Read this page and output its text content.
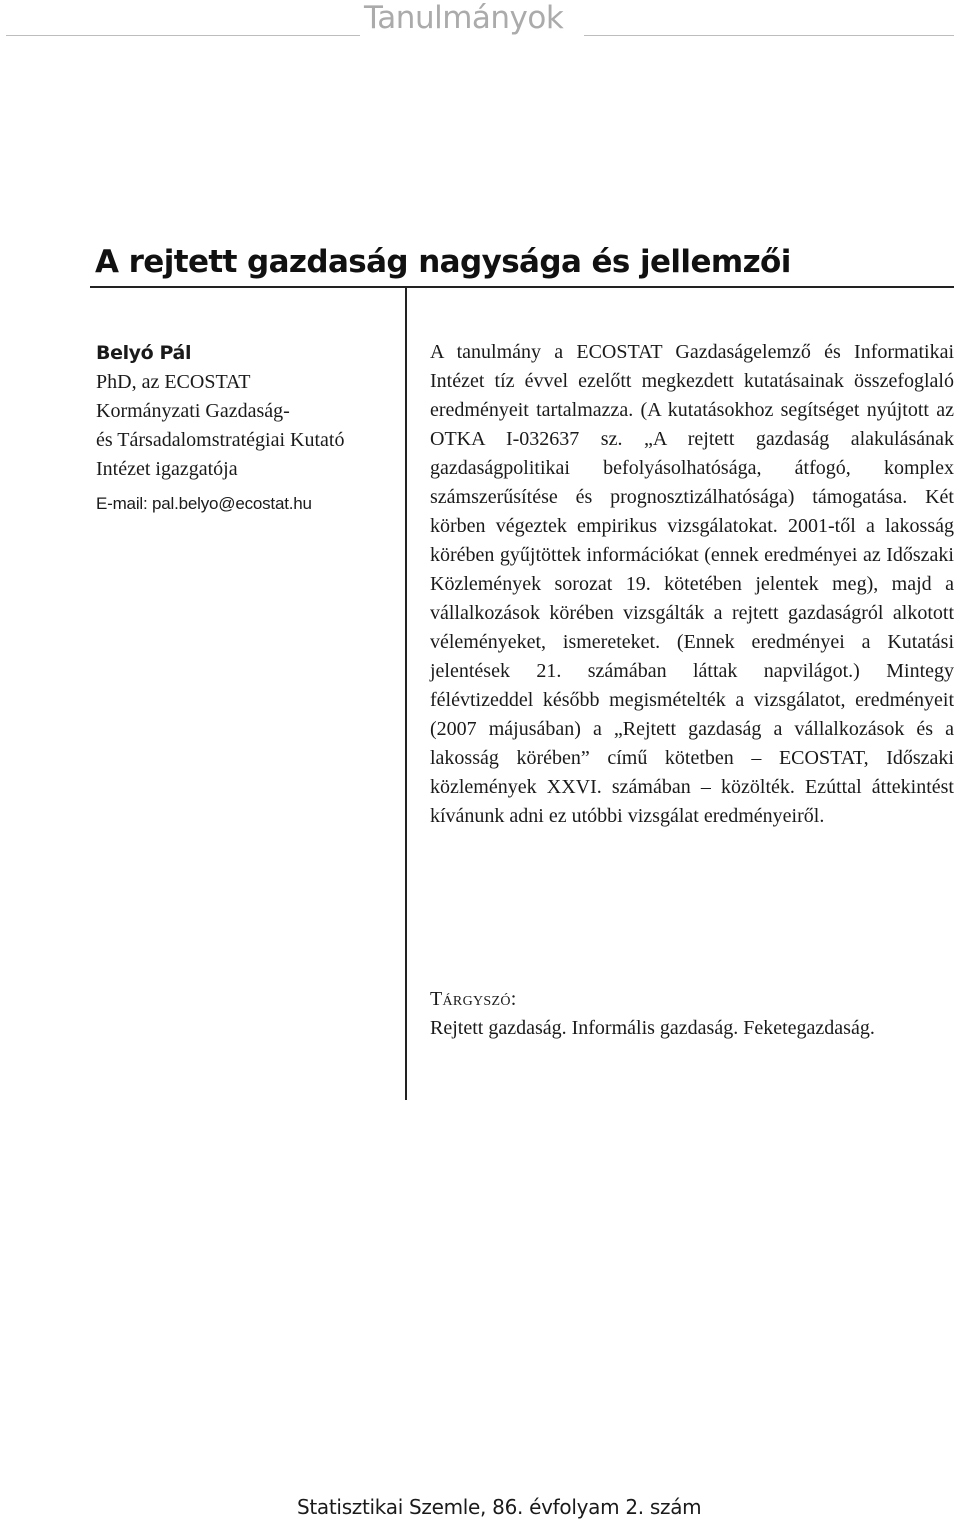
Tanulmányok
A rejtett gazdaság nagysága és jellemzői
Belyó Pál
PhD, az ECOSTAT
Kormányzati Gazdaság-
és Társadalomstratégiai Kutató
Intézet igazgatója
E-mail: pal.belyo@ecostat.hu

A tanulmány a ECOSTAT Gazdaságelemző és Informatikai Intézet tíz évvel ezelőtt megkezdett kutatásainak összefoglaló eredményeit tartalmazza. (A kutatásokhoz segítséget nyújtott az OTKA I-032637 sz. „A rejtett gazdaság alakulásának gazdaságpolitikai befolyásolhatósága, átfogó, komplex számszerűsítése és prognosztizálhatósága) támogatása. Két körben végeztek empirikus vizsgálatokat. 2001-től a lakosság körében gyűjtöttek információkat (ennek eredményei az Időszaki Közlemények sorozat 19. kötetében jelentek meg), majd a vállalkozások körében vizsgálták a rejtett gazdaságról alkotott véleményeket, ismereteket. (Ennek eredményei a Kutatási jelentések 21. számában láttak napvilágot.) Mintegy félévtizeddel később megismételték a vizsgálatot, eredményeit (2007 májusában) a „Rejtett gazdaság a vállalkozások és a lakosság körében” című kötetben – ECOSTAT, Időszaki közlemények XXVI. számában – közölték. Ezúttal áttekintést kívánunk adni ez utóbbi vizsgálat eredményeiről.

Tárgyszó:
Rejtett gazdaság. Informális gazdaság. Feketegazdaság.
Statisztikai Szemle, 86. évfolyam 2. szám
